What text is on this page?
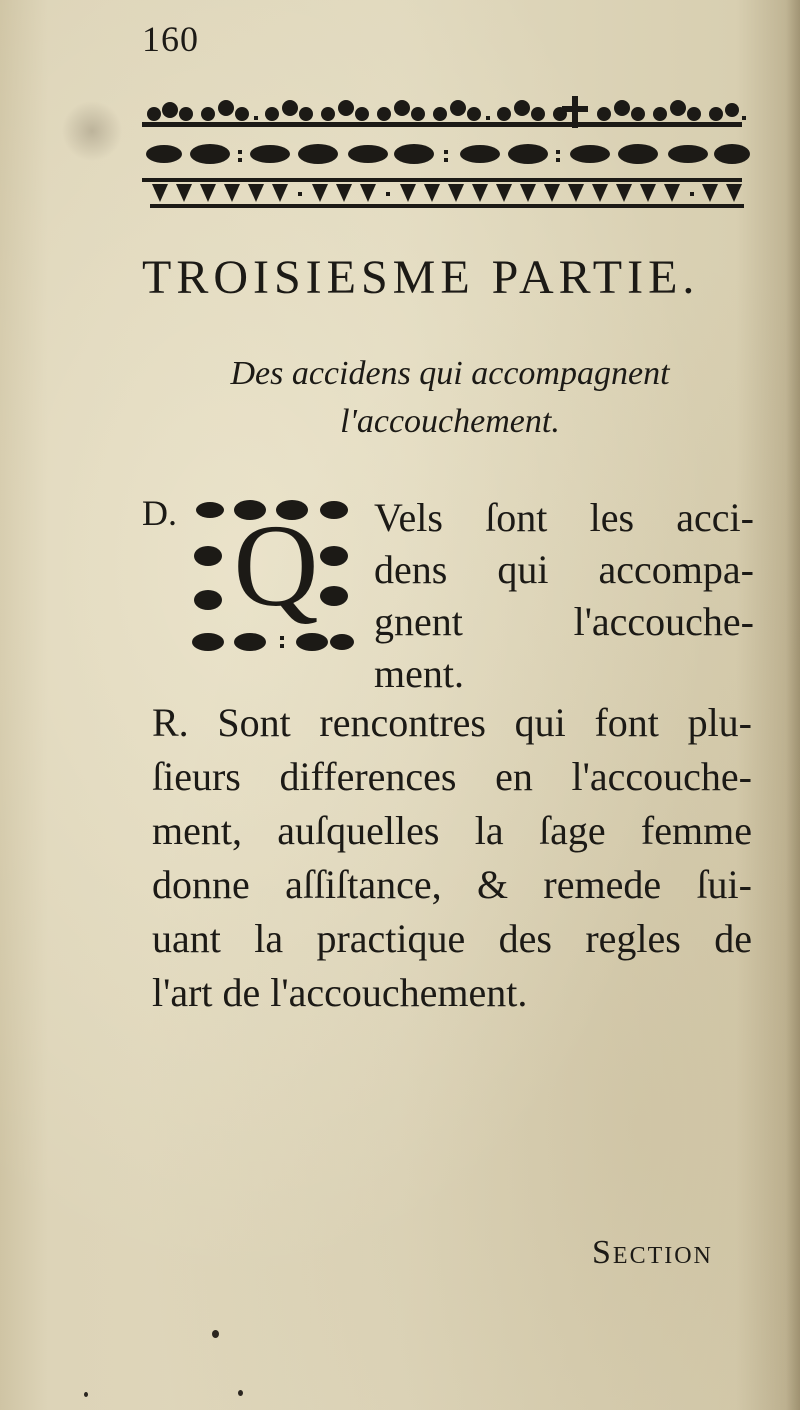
160
TROISIESME PARTIE.
Des accidens qui accompagnent
l'accouchement.
D. Q Vels ſont les acci-
dens qui accompa-
gnent	l'accouche-
ment.
R. Sont rencontres qui font plu-
ſieurs differences en l'accouche-
ment, auſquelles la ſage femme
donne aſſiſtance, & remede ſui-
uant la practique des regles de
l'art de l'accouchement.
Section
